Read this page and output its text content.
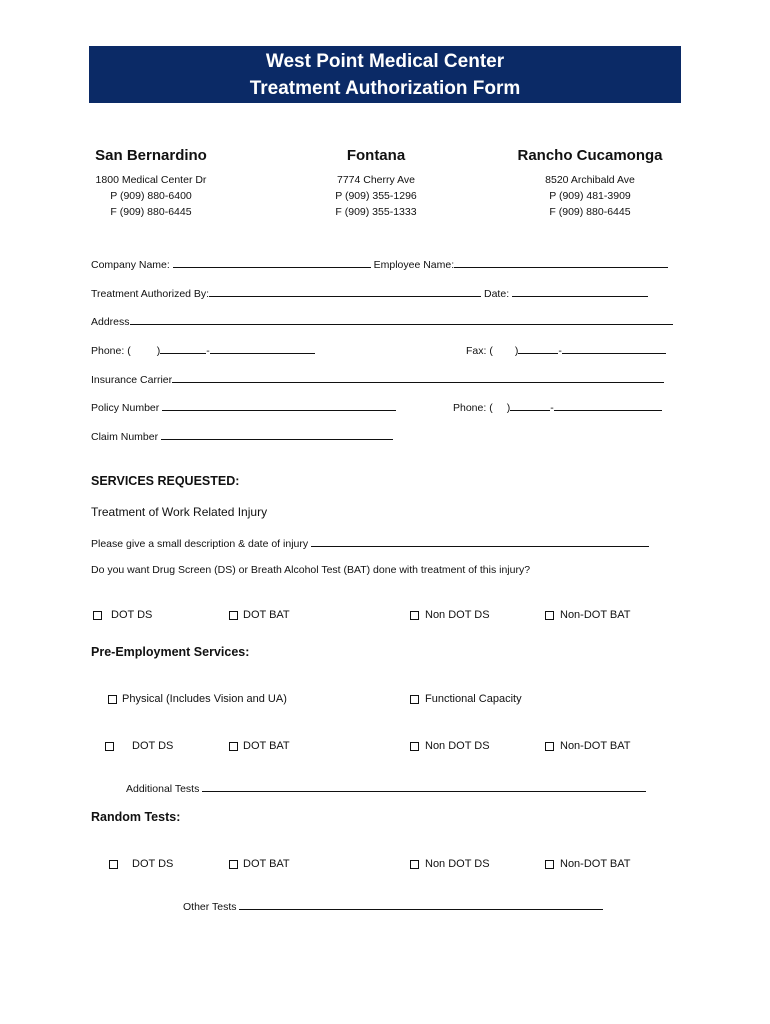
West Point Medical Center
Treatment Authorization Form
San Bernardino
1800 Medical Center Dr
P (909) 880-6400
F (909) 880-6445
Fontana
7774 Cherry Ave
P (909) 355-1296
F (909) 355-1333
Rancho Cucamonga
8520 Archibald Ave
P (909) 481-3909
F (909) 880-6445
Company Name:	Employee Name:
Treatment Authorized By:	Date:
Address
Phone: ( )	-	Fax: ( )	-
Insurance Carrier
Policy Number	Phone: ( )	-
Claim Number
SERVICES REQUESTED:
Treatment of Work Related Injury
Please give a small description & date of injury
Do you want Drug Screen (DS) or Breath Alcohol Test (BAT) done with treatment of this injury?
DOT DS	DOT BAT	Non DOT DS	Non-DOT BAT
Pre-Employment Services:
Physical (Includes Vision and UA)	Functional Capacity
DOT DS	DOT BAT	Non DOT DS	Non-DOT BAT
Additional Tests
Random Tests:
DOT DS	DOT BAT	Non DOT DS	Non-DOT BAT
Other Tests
